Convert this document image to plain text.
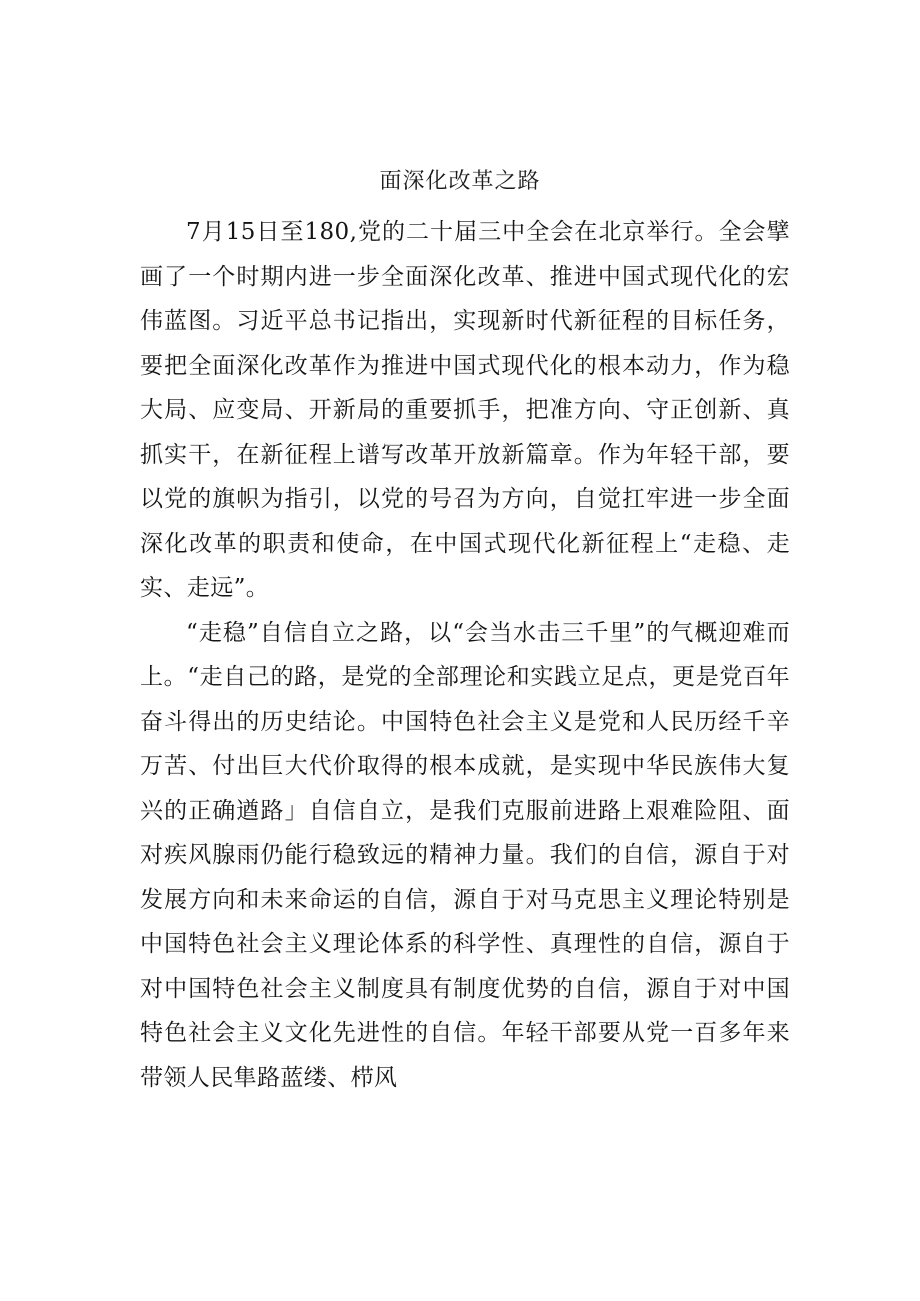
面深化改革之路

7月15日至180,党的二十届三中全会在北京举行。全会擘画了一个时期内进一步全面深化改革、推进中国式现代化的宏伟蓝图。习近平总书记指出，实现新时代新征程的目标任务，要把全面深化改革作为推进中国式现代化的根本动力，作为稳大局、应变局、开新局的重要抓手，把准方向、守正创新、真抓实干，在新征程上谱写改革开放新篇章。作为年轻干部，要以党的旗帜为指引，以党的号召为方向，自觉扛牢进一步全面深化改革的职责和使命，在中国式现代化新征程上“走稳、走实、走远”。

“走稳”自信自立之路，以“会当水击三千里”的气概迎难而上。“走自己的路，是党的全部理论和实践立足点，更是党百年奋斗得出的历史结论。中国特色社会主义是党和人民历经千辛万苦、付出巨大代价取得的根本成就，是实现中华民族伟大复兴的正确遒路」自信自立，是我们克服前进路上艰难险阻、面对疾风腺雨仍能行稳致远的精神力量。我们的自信，源自于对发展方向和未来命运的自信，源自于对马克思主义理论特别是中国特色社会主义理论体系的科学性、真理性的自信，源自于对中国特色社会主义制度具有制度优势的自信，源自于对中国特色社会主义文化先进性的自信。年轻干部要从党一百多年来带领人民隼路蓝缕、栉风
